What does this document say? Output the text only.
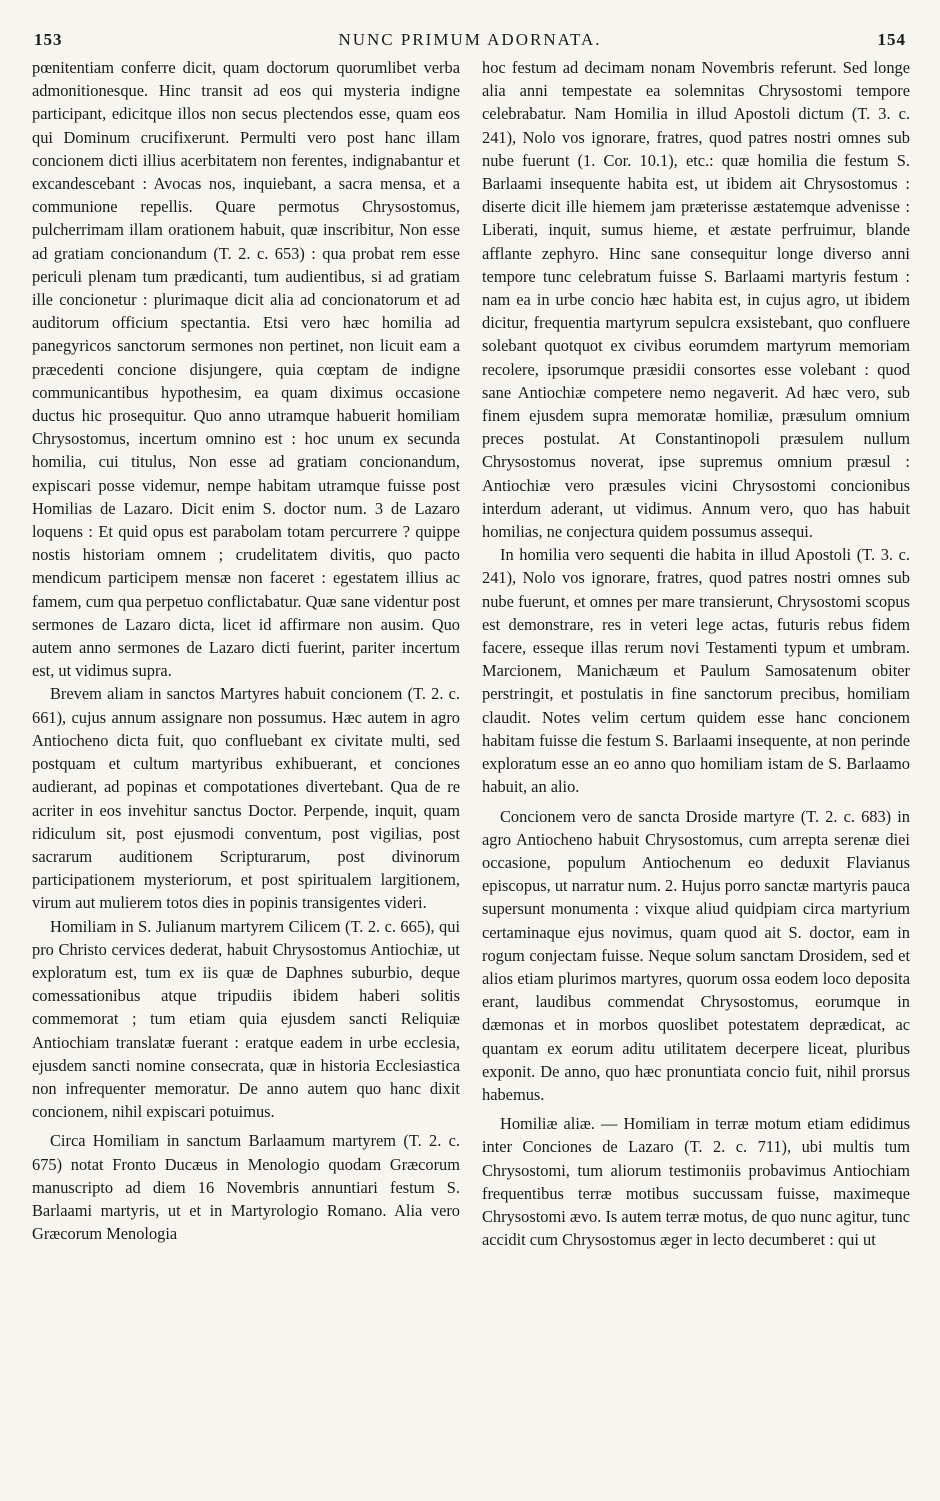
153	NUNC PRIMUM ADORNATA.	154

pœnitentiam conferre dicit, quam doctorum quorumlibet verba admonitionesque. Hinc transit ad eos qui mysteria indigne participant, edicitque illos non secus plectendos esse, quam eos qui Dominum crucifixerunt. Permulti vero post hanc illam concionem dicti illius acerbitatem non ferentes, indignabantur et excandescebant : Avocas nos, inquiebant, a sacra mensa, et a communione repellis. Quare permotus Chrysostomus, pulcherrimam illam orationem habuit, quæ inscribitur, Non esse ad gratiam concionandum (T. 2. c. 653) : qua probat rem esse periculi plenam tum prædicanti, tum audientibus, si ad gratiam ille concionetur : plurimaque dicit alia ad concionatorum et ad auditorum officium spectantia. Etsi vero hæc homilia ad panegyricos sanctorum sermones non pertinet, non licuit eam a præcedenti concione disjungere, quia cœptam de indigne communicantibus hypothesim, ea quam diximus occasione ductus hic prosequitur. Quo anno utramque habuerit homiliam Chrysostomus, incertum omnino est : hoc unum ex secunda homilia, cui titulus, Non esse ad gratiam concionandum, expiscari posse videmur, nempe habitam utramque fuisse post Homilias de Lazaro. Dicit enim S. doctor num. 3 de Lazaro loquens : Et quid opus est parabolam totam percurrere ? quippe nostis historiam omnem ; crudelitatem divitis, quo pacto mendicum participem mensæ non faceret : egestatem illius ac famem, cum qua perpetuo conflictabatur. Quæ sane videntur post sermones de Lazaro dicta, licet id affirmare non ausim. Quo autem anno sermones de Lazaro dicti fuerint, pariter incertum est, ut vidimus supra.

Brevem aliam in sanctos Martyres habuit concionem (T. 2. c. 661), cujus annum assignare non possumus. Hæc autem in agro Antiocheno dicta fuit, quo confluebant ex civitate multi, sed postquam et cultum martyribus exhibuerant, et conciones audierant, ad popinas et compotationes divertebant. Qua de re acriter in eos invehitur sanctus Doctor. Perpende, inquit, quam ridiculum sit, post ejusmodi conventum, post vigilias, post sacrarum auditionem Scripturarum, post divinorum participationem mysteriorum, et post spiritualem largitionem, virum aut mulierem totos dies in popinis transigentes videri.

Homiliam in S. Julianum martyrem Cilicem (T. 2. c. 665), qui pro Christo cervices dederat, habuit Chrysostomus Antiochiæ, ut exploratum est, tum ex iis quæ de Daphnes suburbio, deque comessationibus atque tripudiis ibidem haberi solitis commemorat ; tum etiam quia ejusdem sancti Reliquiæ Antiochiam translatæ fuerant : eratque eadem in urbe ecclesia, ejusdem sancti nomine consecrata, quæ in historia Ecclesiastica non infrequenter memoratur. De anno autem quo hanc dixit concionem, nihil expiscari potuimus.

Circa Homiliam in sanctum Barlaamum martyrem (T. 2. c. 675) notat Fronto Ducæus in Menologio quodam Græcorum manuscripto ad diem 16 Novembris annuntiari festum S. Barlaami martyris, ut et in Martyrologio Romano. Alia vero Græcorum Menologia

hoc festum ad decimam nonam Novembris referunt. Sed longe alia anni tempestate ea solemnitas Chrysostomi tempore celebrabatur. Nam Homilia in illud Apostoli dictum (T. 3. c. 241), Nolo vos ignorare, fratres, quod patres nostri omnes sub nube fuerunt (1. Cor. 10.1), etc.: quæ homilia die festum S. Barlaami insequente habita est, ut ibidem ait Chrysostomus : diserte dicit ille hiemem jam præterisse æstatemque advenisse : Liberati, inquit, sumus hieme, et æstate perfruimur, blande afflante zephyro. Hinc sane consequitur longe diverso anni tempore tunc celebratum fuisse S. Barlaami martyris festum : nam ea in urbe concio hæc habita est, in cujus agro, ut ibidem dicitur, frequentia martyrum sepulcra exsistebant, quo confluere solebant quotquot ex civibus eorumdem martyrum memoriam recolere, ipsorumque præsidii consortes esse volebant : quod sane Antiochiæ competere nemo negaverit. Ad hæc vero, sub finem ejusdem supra memoratæ homiliæ, præsulum omnium preces postulat. At Constantinopoli præsulem nullum Chrysostomus noverat, ipse supremus omnium præsul : Antiochiæ vero præsules vicini Chrysostomi concionibus interdum aderant, ut vidimus. Annum vero, quo has habuit homilias, ne conjectura quidem possumus assequi.

In homilia vero sequenti die habita in illud Apostoli (T. 3. c. 241), Nolo vos ignorare, fratres, quod patres nostri omnes sub nube fuerunt, et omnes per mare transierunt, Chrysostomi scopus est demonstrare, res in veteri lege actas, futuris rebus fidem facere, esseque illas rerum novi Testamenti typum et umbram. Marcionem, Manichæum et Paulum Samosatenum obiter perstringit, et postulatis in fine sanctorum precibus, homiliam claudit. Notes velim certum quidem esse hanc concionem habitam fuisse die festum S. Barlaami insequente, at non perinde exploratum esse an eo anno quo homiliam istam de S. Barlaamo habuit, an alio.

Concionem vero de sancta Droside martyre (T. 2. c. 683) in agro Antiocheno habuit Chrysostomus, cum arrepta serenæ diei occasione, populum Antiochenum eo deduxit Flavianus episcopus, ut narratur num. 2. Hujus porro sanctæ martyris pauca supersunt monumenta : vixque aliud quidpiam circa martyrium certaminaque ejus novimus, quam quod ait S. doctor, eam in rogum conjectam fuisse. Neque solum sanctam Drosidem, sed et alios etiam plurimos martyres, quorum ossa eodem loco deposita erant, laudibus commendat Chrysostomus, eorumque in dæmonas et in morbos quoslibet potestatem deprædicat, ac quantam ex eorum aditu utilitatem decerpere liceat, pluribus exponit. De anno, quo hæc pronuntiata concio fuit, nihil prorsus habemus.

Homiliæ aliæ. — Homiliam in terræ motum etiam edidimus inter Conciones de Lazaro (T. 2. c. 711), ubi multis tum Chrysostomi, tum aliorum testimoniis probavimus Antiochiam frequentibus terræ motibus succussam fuisse, maximeque Chrysostomi ævo. Is autem terræ motus, de quo nunc agitur, tunc accidit cum Chrysostomus æger in lecto decumberet : qui ut
